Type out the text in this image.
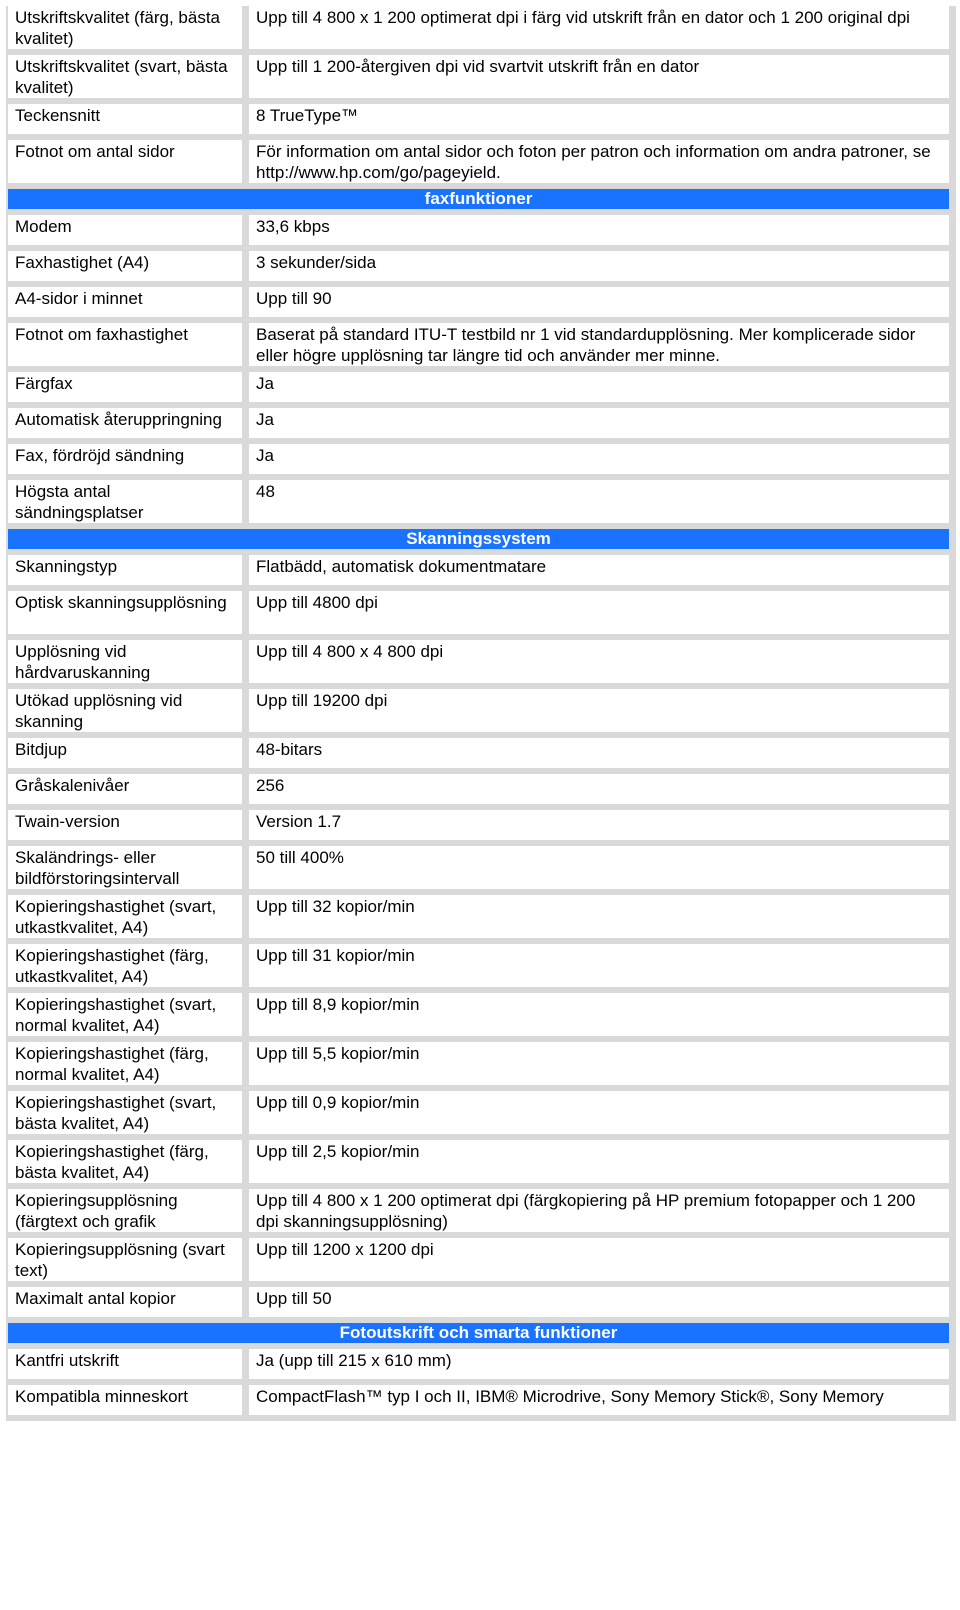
Utskriftskvalitet (färg, bästa kvalitet)	Upp till 4 800 x 1 200 optimerat dpi i färg vid utskrift från en dator och 1 200 original dpi
Utskriftskvalitet (svart, bästa kvalitet)	Upp till 1 200-återgiven dpi vid svartvit utskrift från en dator
Teckensnitt	8 TrueType™
Fotnot om antal sidor	För information om antal sidor och foton per patron och information om andra patroner, se http://www.hp.com/go/pageyield.
faxfunktioner	
Modem	33,6 kbps
Faxhastighet (A4)	3 sekunder/sida
A4-sidor i minnet	Upp till 90
Fotnot om faxhastighet	Baserat på standard ITU-T testbild nr 1 vid standardupplösning. Mer komplicerade sidor eller högre upplösning tar längre tid och använder mer minne.
Färgfax	Ja
Automatisk återuppringning	Ja
Fax, fördröjd sändning	Ja
Högsta antal sändningsplatser	48
Skanningssystem	
Skanningstyp	Flatbädd, automatisk dokumentmatare
Optisk skanningsupplösning	Upp till 4800 dpi
Upplösning vid hårdvaruskanning	Upp till 4 800 x 4 800 dpi
Utökad upplösning vid skanning	Upp till 19200 dpi
Bitdjup	48-bitars
Gråskalenivåer	256
Twain-version	Version 1.7
Skaländrings- eller bildförstoringsintervall	50 till 400%
Kopieringshastighet (svart, utkastkvalitet, A4)	Upp till 32 kopior/min
Kopieringshastighet (färg, utkastkvalitet, A4)	Upp till 31 kopior/min
Kopieringshastighet (svart, normal kvalitet, A4)	Upp till 8,9 kopior/min
Kopieringshastighet (färg, normal kvalitet, A4)	Upp till 5,5 kopior/min
Kopieringshastighet (svart, bästa kvalitet, A4)	Upp till 0,9 kopior/min
Kopieringshastighet (färg, bästa kvalitet, A4)	Upp till 2,5 kopior/min
Kopieringsupplösning (färgtext och grafik	Upp till 4 800 x 1 200 optimerat dpi (färgkopiering på HP premium fotopapper och 1 200 dpi skanningsupplösning)
Kopieringsupplösning (svart text)	Upp till 1200 x 1200 dpi
Maximalt antal kopior	Upp till 50
Fotoutskrift och smarta funktioner	
Kantfri utskrift	Ja (upp till 215 x 610 mm)
Kompatibla minneskort	CompactFlash™ typ I och II, IBM® Microdrive, Sony Memory Stick®, Sony Memory
